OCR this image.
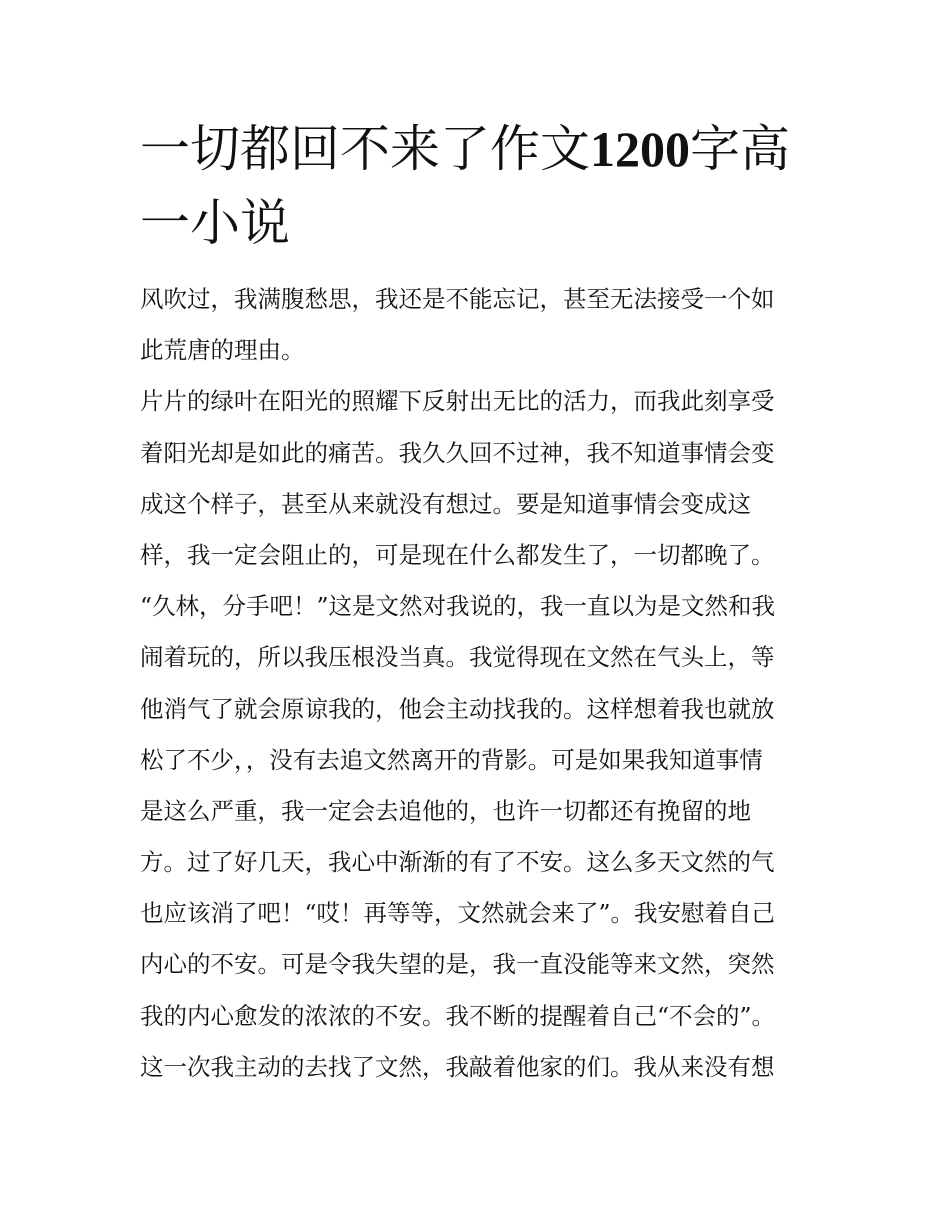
一切都回不来了作文1200字高
一小说
风吹过，我满腹愁思，我还是不能忘记，甚至无法接受一个如
此荒唐的理由。
片片的绿叶在阳光的照耀下反射出无比的活力，而我此刻享受
着阳光却是如此的痛苦。我久久回不过神，我不知道事情会变
成这个样子，甚至从来就没有想过。要是知道事情会变成这
样，我一定会阻止的，可是现在什么都发生了，一切都晚了。
“久林，分手吧！”这是文然对我说的，我一直以为是文然和我
闹着玩的，所以我压根没当真。我觉得现在文然在气头上，等
他消气了就会原谅我的，他会主动找我的。这样想着我也就放
松了不少，，没有去追文然离开的背影。可是如果我知道事情
是这么严重，我一定会去追他的，也许一切都还有挽留的地
方。过了好几天，我心中渐渐的有了不安。这么多天文然的气
也应该消了吧！“哎！再等等，文然就会来了”。我安慰着自己
内心的不安。可是令我失望的是，我一直没能等来文然，突然
我的内心愈发的浓浓的不安。我不断的提醒着自己“不会的”。
这一次我主动的去找了文然，我敲着他家的们。我从来没有想
